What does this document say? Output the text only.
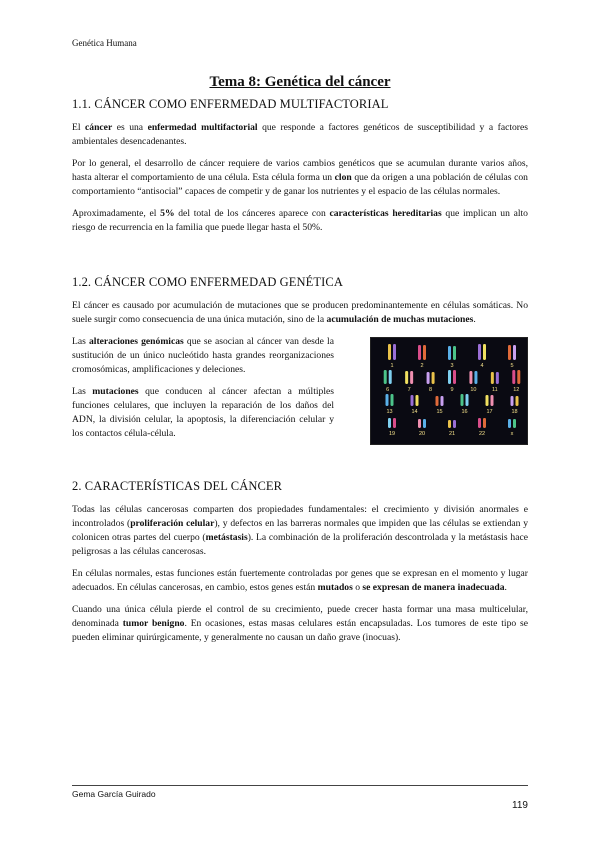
Genética Humana
Tema 8: Genética del cáncer
1.1. CÁNCER COMO ENFERMEDAD MULTIFACTORIAL

El cáncer es una enfermedad multifactorial que responde a factores genéticos de susceptibilidad y a factores ambientales desencadenantes.

Por lo general, el desarrollo de cáncer requiere de varios cambios genéticos que se acumulan durante varios años, hasta alterar el comportamiento de una célula. Esta célula forma un clon que da origen a una población de células con comportamiento “antisocial” capaces de competir y de ganar los nutrientes y el espacio de las células normales.

Aproximadamente, el 5% del total de los cánceres aparece con características hereditarias que implican un alto riesgo de recurrencia en la familia que puede llegar hasta el 50%.

1.2. CÁNCER COMO ENFERMEDAD GENÉTICA

El cáncer es causado por acumulación de mutaciones que se producen predominantemente en células somáticas. No suele surgir como consecuencia de una única mutación, sino de la acumulación de muchas mutaciones.

Las alteraciones genómicas que se asocian al cáncer van desde la sustitución de un único nucleótido hasta grandes reorganizaciones cromosómicas, amplificaciones y deleciones.

Las mutaciones que conducen al cáncer afectan a múltiples funciones celulares, que incluyen la reparación de los daños del ADN, la división celular, la apoptosis, la diferenciación celular y los contactos célula-célula.

1	2	3	4	5
6	7	8	9	10	11	12
13	14	15	16	17	18
19	20	21	22	x
2. CARACTERÍSTICAS DEL CÁNCER

Todas las células cancerosas comparten dos propiedades fundamentales: el crecimiento y división anormales e incontrolados (proliferación celular), y defectos en las barreras normales que impiden que las células se extiendan y colonicen otras partes del cuerpo (metástasis). La combinación de la proliferación descontrolada y la metástasis hace peligrosas a las células cancerosas.

En células normales, estas funciones están fuertemente controladas por genes que se expresan en el momento y lugar adecuados. En células cancerosas, en cambio, estos genes están mutados o se expresan de manera inadecuada.

Cuando una única célula pierde el control de su crecimiento, puede crecer hasta formar una masa multicelular, denominada tumor benigno. En ocasiones, estas masas celulares están encapsuladas. Los tumores de este tipo se pueden eliminar quirúrgicamente, y generalmente no causan un daño grave (inocuas).

Gema García Guirado
119
